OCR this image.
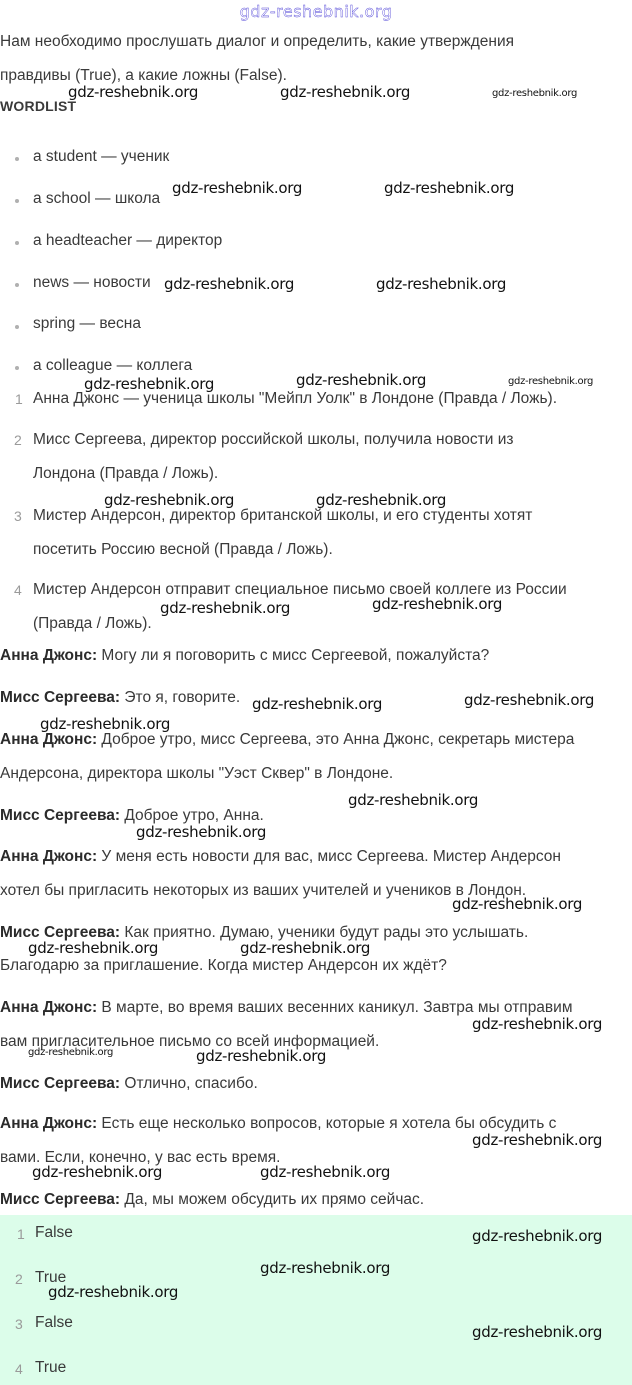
gdz-reshebnik.org
Нам необходимо прослушать диалог и определить, какие утверждения
правдивы (True), а какие ложны (False).
WORDLIST
a student — ученик
a school — школа
a headteacher — директор
news — новости
spring — весна
a colleague — коллега
1 Анна Джонс — ученица школы "Мейпл Уолк" в Лондоне (Правда / Ложь).
2 Мисс Сергеева, директор российской школы, получила новости из
Лондона (Правда / Ложь).
3 Мистер Андерсон, директор британской школы, и его студенты хотят
посетить Россию весной (Правда / Ложь).
4 Мистер Андерсон отправит специальное письмо своей коллеге из России
(Правда / Ложь).
Анна Джонс: Могу ли я поговорить с мисс Сергеевой, пожалуйста?
Мисс Сергеева: Это я, говорите.
Анна Джонс: Доброе утро, мисс Сергеева, это Анна Джонс, секретарь мистера
Андерсона, директора школы "Уэст Сквер" в Лондоне.
Мисс Сергеева: Доброе утро, Анна.
Анна Джонс: У меня есть новости для вас, мисс Сергеева. Мистер Андерсон
хотел бы пригласить некоторых из ваших учителей и учеников в Лондон.
Мисс Сергеева: Как приятно. Думаю, ученики будут рады это услышать.
Благодарю за приглашение. Когда мистер Андерсон их ждёт?
Анна Джонс: В марте, во время ваших весенних каникул. Завтра мы отправим
вам пригласительное письмо со всей информацией.
Мисс Сергеева: Отлично, спасибо.
Анна Джонс: Есть еще несколько вопросов, которые я хотела бы обсудить с
вами. Если, конечно, у вас есть время.
Мисс Сергеева: Да, мы можем обсудить их прямо сейчас.
1 False
2 True
3 False
4 True
gdz-reshebnik.org	gdz-reshebnik.org	gdz-reshebnik.org
gdz-reshebnik.org	gdz-reshebnik.org
gdz-reshebnik.org	gdz-reshebnik.org
gdz-reshebnik.org	gdz-reshebnik.org	gdz-reshebnik.org
gdz-reshebnik.org	gdz-reshebnik.org
gdz-reshebnik.org	gdz-reshebnik.org
gdz-reshebnik.org	gdz-reshebnik.org
gdz-reshebnik.org
gdz-reshebnik.org
gdz-reshebnik.org
gdz-reshebnik.org
gdz-reshebnik.org	gdz-reshebnik.org
gdz-reshebnik.org
gdz-reshebnik.org	gdz-reshebnik.org
gdz-reshebnik.org
gdz-reshebnik.org	gdz-reshebnik.org
gdz-reshebnik.org
gdz-reshebnik.org
gdz-reshebnik.org
gdz-reshebnik.org
